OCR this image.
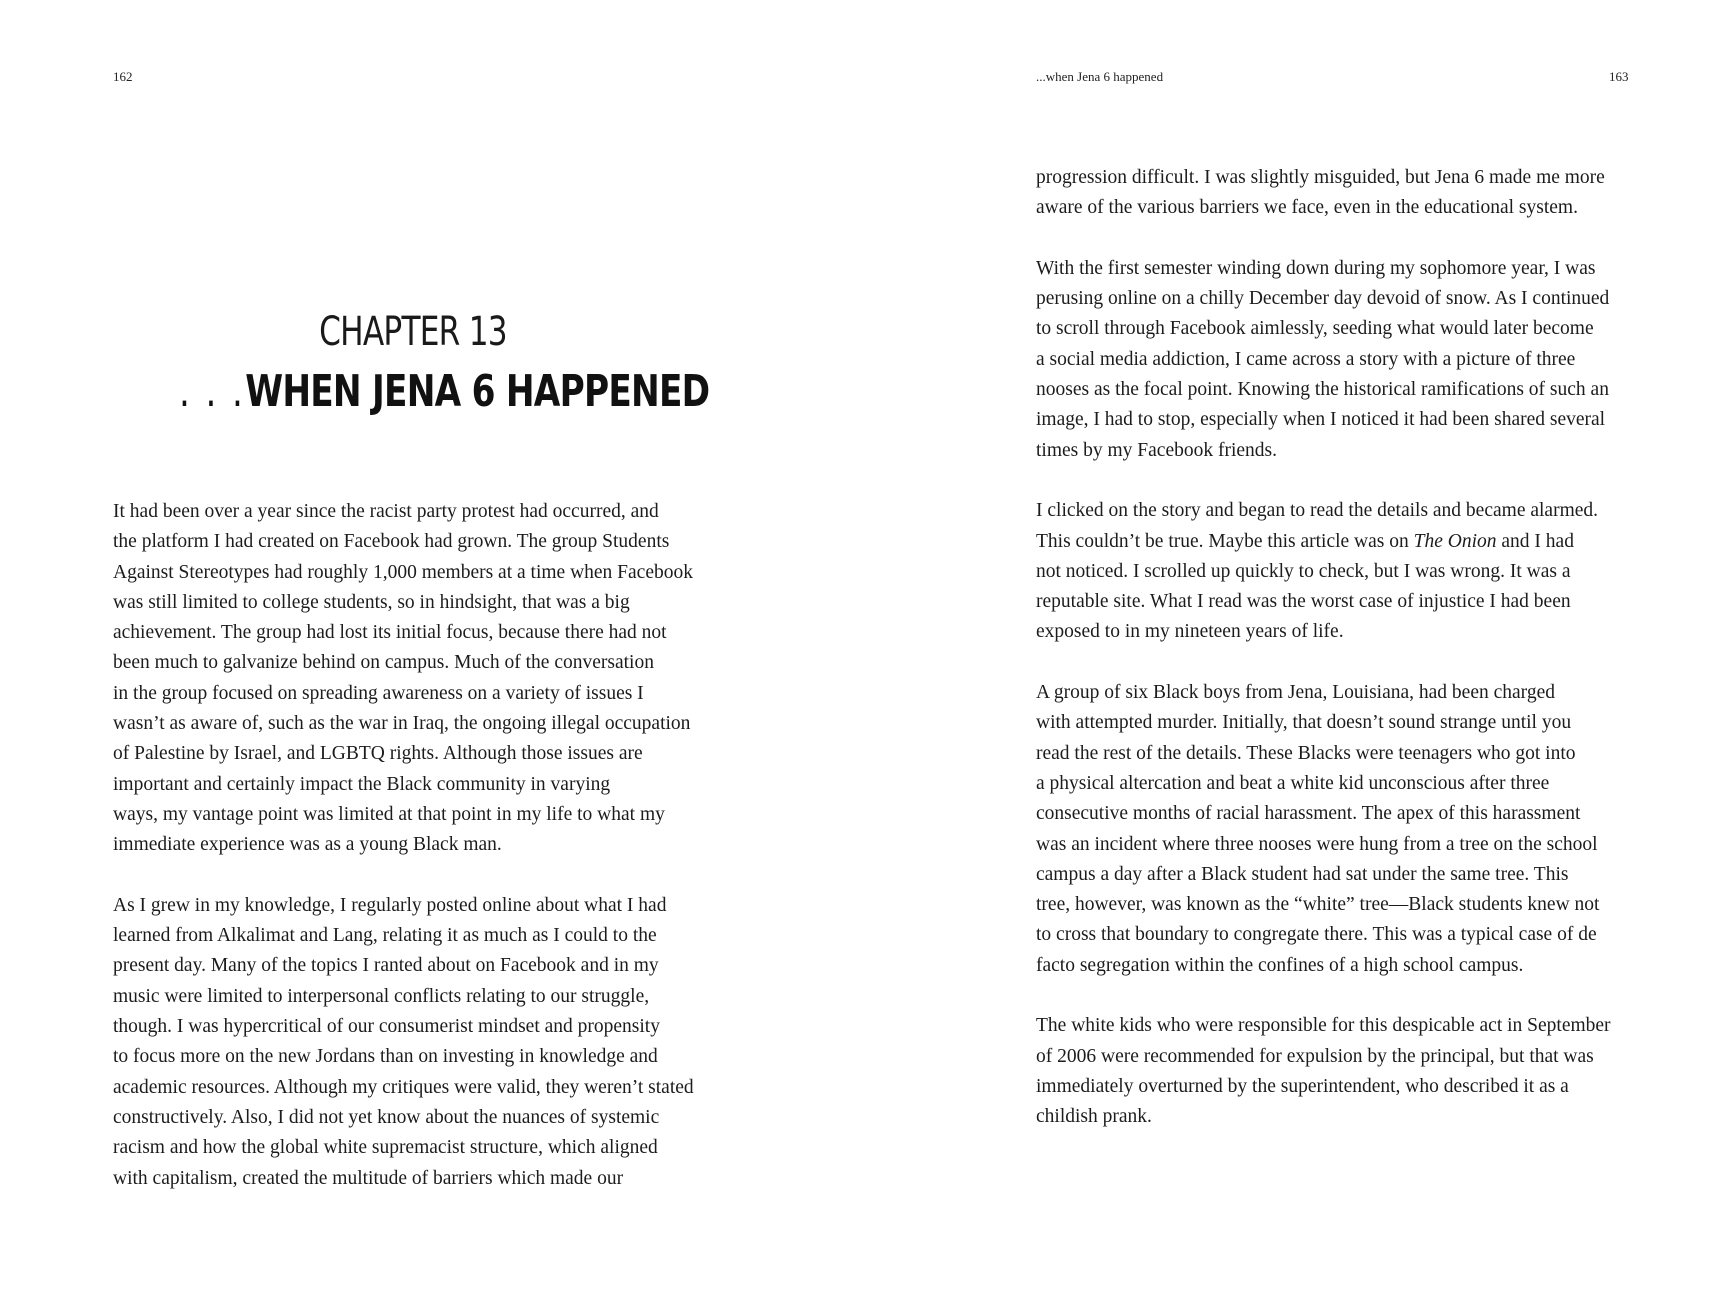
162
CHAPTER 13
. . .WHEN JENA 6 HAPPENED

It had been over a year since the racist party protest had occurred, and
the platform I had created on Facebook had grown. The group Students
Against Stereotypes had roughly 1,000 members at a time when Facebook
was still limited to college students, so in hindsight, that was a big
achievement. The group had lost its initial focus, because there had not
been much to galvanize behind on campus. Much of the conversation
in the group focused on spreading awareness on a variety of issues I
wasn’t as aware of, such as the war in Iraq, the ongoing illegal occupation
of Palestine by Israel, and LGBTQ rights. Although those issues are
important and certainly impact the Black community in varying
ways, my vantage point was limited at that point in my life to what my
immediate experience was as a young Black man.

As I grew in my knowledge, I regularly posted online about what I had
learned from Alkalimat and Lang, relating it as much as I could to the
present day. Many of the topics I ranted about on Facebook and in my
music were limited to interpersonal conflicts relating to our struggle,
though. I was hypercritical of our consumerist mindset and propensity
to focus more on the new Jordans than on investing in knowledge and
academic resources. Although my critiques were valid, they weren’t stated
constructively. Also, I did not yet know about the nuances of systemic
racism and how the global white supremacist structure, which aligned
with capitalism, created the multitude of barriers which made our

...when Jena 6 happened	163

progression difficult. I was slightly misguided, but Jena 6 made me more
aware of the various barriers we face, even in the educational system.

With the first semester winding down during my sophomore year, I was
perusing online on a chilly December day devoid of snow. As I continued
to scroll through Facebook aimlessly, seeding what would later become
a social media addiction, I came across a story with a picture of three
nooses as the focal point. Knowing the historical ramifications of such an
image, I had to stop, especially when I noticed it had been shared several
times by my Facebook friends.

I clicked on the story and began to read the details and became alarmed.
This couldn’t be true. Maybe this article was on The Onion and I had
not noticed. I scrolled up quickly to check, but I was wrong. It was a
reputable site. What I read was the worst case of injustice I had been
exposed to in my nineteen years of life.

A group of six Black boys from Jena, Louisiana, had been charged
with attempted murder. Initially, that doesn’t sound strange until you
read the rest of the details. These Blacks were teenagers who got into
a physical altercation and beat a white kid unconscious after three
consecutive months of racial harassment. The apex of this harassment
was an incident where three nooses were hung from a tree on the school
campus a day after a Black student had sat under the same tree. This
tree, however, was known as the “white” tree—Black students knew not
to cross that boundary to congregate there. This was a typical case of de
facto segregation within the confines of a high school campus.

The white kids who were responsible for this despicable act in September
of 2006 were recommended for expulsion by the principal, but that was
immediately overturned by the superintendent, who described it as a
childish prank.
